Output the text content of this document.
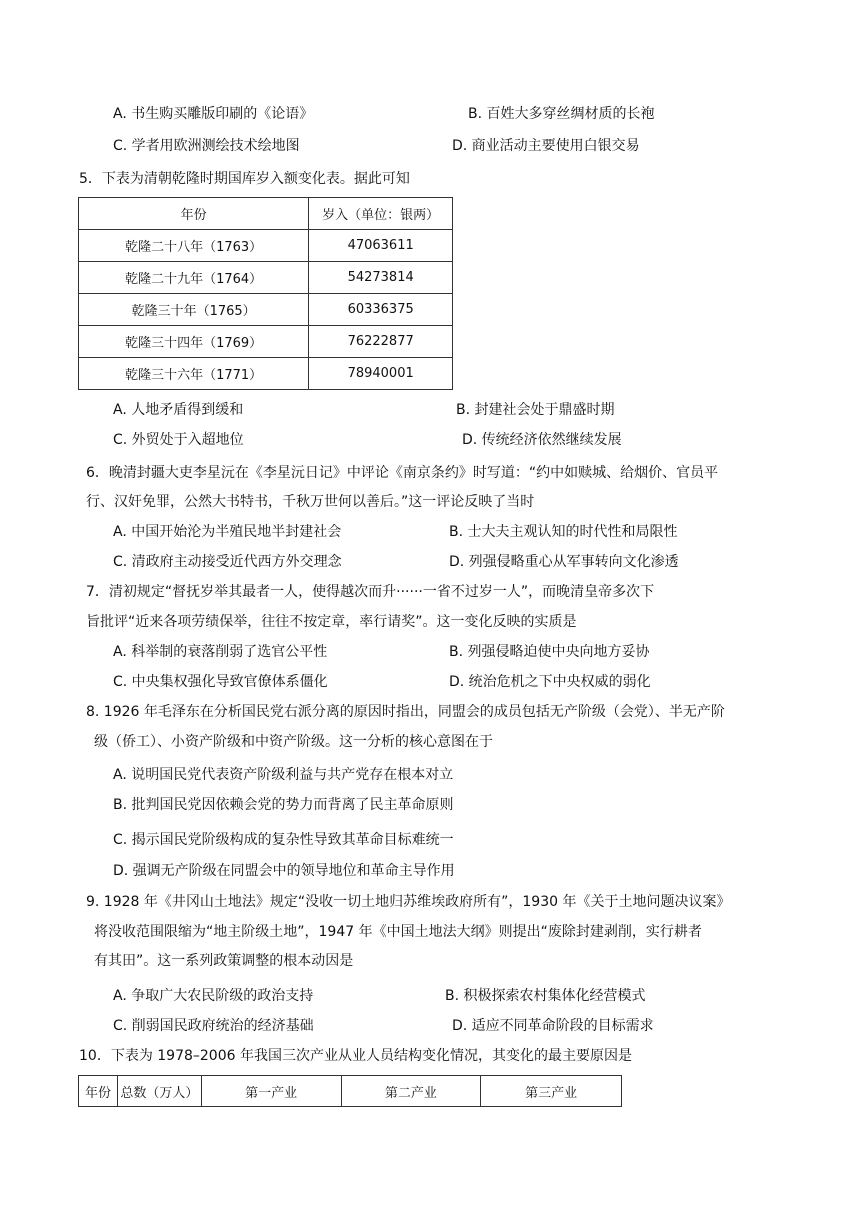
A. 书生购买雕版印刷的《论语》	B. 百姓大多穿丝绸材质的长袍
C. 学者用欧洲测绘技术绘地图	D. 商业活动主要使用白银交易
5．下表为清朝乾隆时期国库岁入额变化表。据此可知
年份	岁入（单位：银两）
乾隆二十八年（1763）	47063611
乾隆二十九年（1764）	54273814
乾隆三十年（1765）	60336375
乾隆三十四年（1769）	76222877
乾隆三十六年（1771）	78940001
A. 人地矛盾得到缓和	B. 封建社会处于鼎盛时期
C. 外贸处于入超地位	D. 传统经济依然继续发展
6．晚清封疆大吏李星沅在《李星沅日记》中评论《南京条约》时写道：“约中如赎城、给烟价、官员平
行、汉奸免罪，公然大书特书，千秋万世何以善后。”这一评论反映了当时
A. 中国开始沦为半殖民地半封建社会	B. 士大夫主观认知的时代性和局限性
C. 清政府主动接受近代西方外交理念	D. 列强侵略重心从军事转向文化渗透
7．清初规定“督抚岁举其最者一人，使得越次而升······一省不过岁一人”，而晚清皇帝多次下
旨批评“近来各项劳绩保举，往往不按定章，率行请奖”。这一变化反映的实质是
A. 科举制的衰落削弱了选官公平性	B. 列强侵略迫使中央向地方妥协
C. 中央集权强化导致官僚体系僵化	D. 统治危机之下中央权威的弱化
8. 1926 年毛泽东在分析国民党右派分离的原因时指出，同盟会的成员包括无产阶级（会党）、半无产阶
级（侨工）、小资产阶级和中资产阶级。这一分析的核心意图在于
A. 说明国民党代表资产阶级利益与共产党存在根本对立
B. 批判国民党因依赖会党的势力而背离了民主革命原则
C. 揭示国民党阶级构成的复杂性导致其革命目标难统一
D. 强调无产阶级在同盟会中的领导地位和革命主导作用
9. 1928 年《井冈山土地法》规定“没收一切土地归苏维埃政府所有”，1930 年《关于土地问题决议案》
将没收范围限缩为“地主阶级土地”，1947 年《中国土地法大纲》则提出“废除封建剥削，实行耕者
有其田”。这一系列政策调整的根本动因是
A. 争取广大农民阶级的政治支持	B. 积极探索农村集体化经营模式
C. 削弱国民政府统治的经济基础	D. 适应不同革命阶段的目标需求
10．下表为 1978–2006 年我国三次产业从业人员结构变化情况，其变化的最主要原因是
年份	总数（万人）	第一产业	第二产业	第三产业
